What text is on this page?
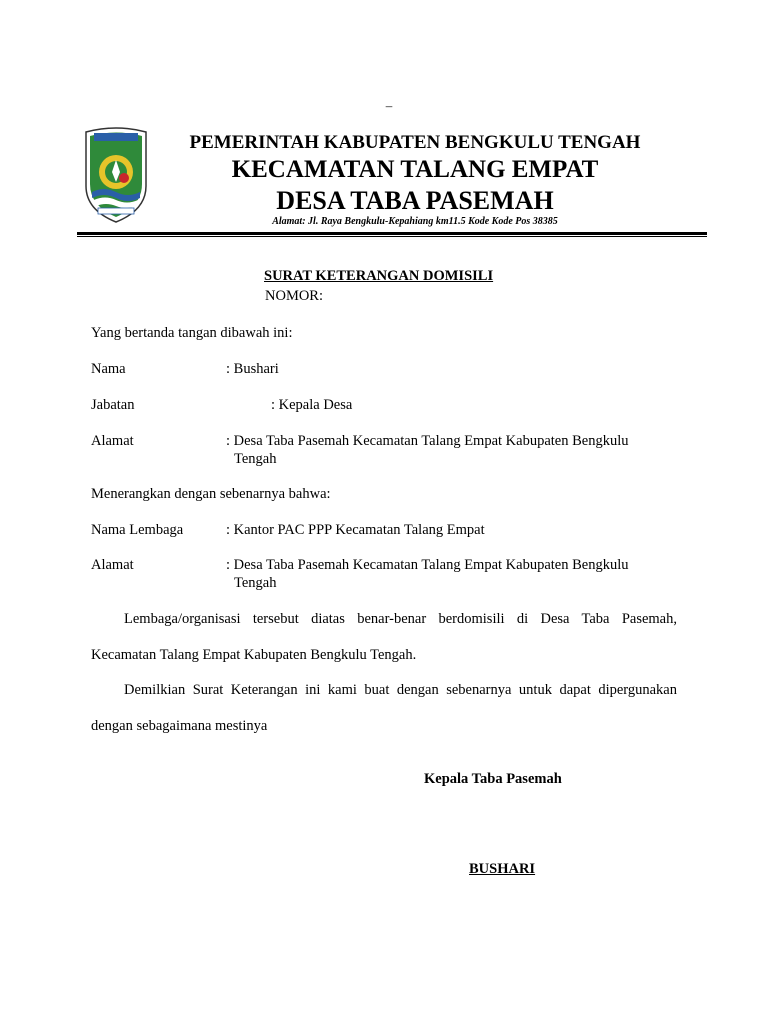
–
PEMERINTAH KABUPATEN BENGKULU TENGAH
KECAMATAN TALANG EMPAT
DESA TABA PASEMAH
Alamat: Jl. Raya Bengkulu-Kepahiang km11.5 Kode Kode Pos 38385
SURAT KETERANGAN DOMISILI
NOMOR:
Yang bertanda tangan dibawah ini:
Nama	: Bushari
Jabatan	: Kepala Desa
Alamat	: Desa Taba Pasemah Kecamatan Talang Empat Kabupaten Bengkulu
Tengah
Menerangkan dengan sebenarnya bahwa:
Nama Lembaga	: Kantor PAC PPP Kecamatan Talang Empat
Alamat	: Desa Taba Pasemah Kecamatan Talang Empat Kabupaten Bengkulu
Tengah
Lembaga/organisasi tersebut diatas benar-benar berdomisili di Desa Taba Pasemah,
Kecamatan Talang Empat Kabupaten Bengkulu Tengah.
Demilkian Surat Keterangan ini kami buat dengan sebenarnya untuk dapat dipergunakan
dengan sebagaimana mestinya
Kepala Taba Pasemah
BUSHARI
